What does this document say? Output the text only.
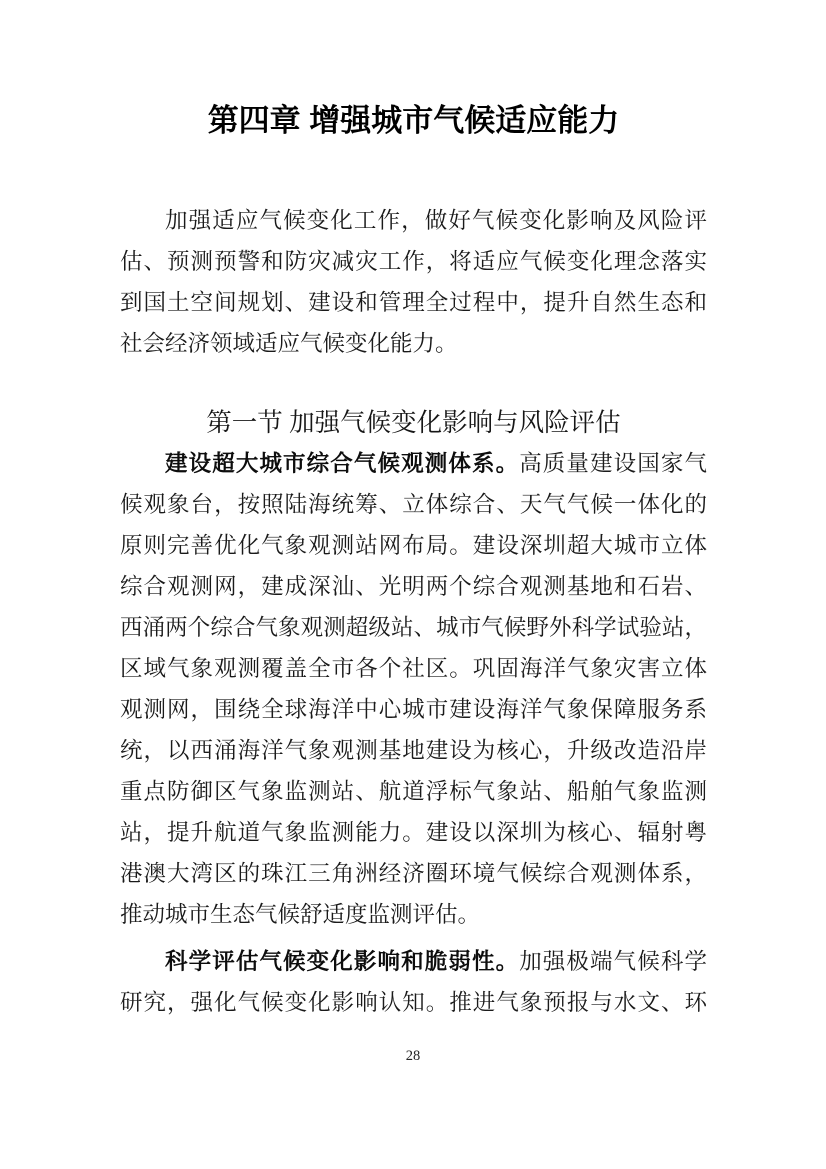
第四章 增强城市气候适应能力
加强适应气候变化工作，做好气候变化影响及风险评
估、预测预警和防灾减灾工作，将适应气候变化理念落实
到国土空间规划、建设和管理全过程中，提升自然生态和
社会经济领域适应气候变化能力。
第一节 加强气候变化影响与风险评估
建设超大城市综合气候观测体系。高质量建设国家气
候观象台，按照陆海统筹、立体综合、天气气候一体化的
原则完善优化气象观测站网布局。建设深圳超大城市立体
综合观测网，建成深汕、光明两个综合观测基地和石岩、
西涌两个综合气象观测超级站、城市气候野外科学试验站，
区域气象观测覆盖全市各个社区。巩固海洋气象灾害立体
观测网，围绕全球海洋中心城市建设海洋气象保障服务系
统，以西涌海洋气象观测基地建设为核心，升级改造沿岸
重点防御区气象监测站、航道浮标气象站、船舶气象监测
站，提升航道气象监测能力。建设以深圳为核心、辐射粤
港澳大湾区的珠江三角洲经济圈环境气候综合观测体系，
推动城市生态气候舒适度监测评估。
科学评估气候变化影响和脆弱性。加强极端气候科学
研究，强化气候变化影响认知。推进气象预报与水文、环
28
